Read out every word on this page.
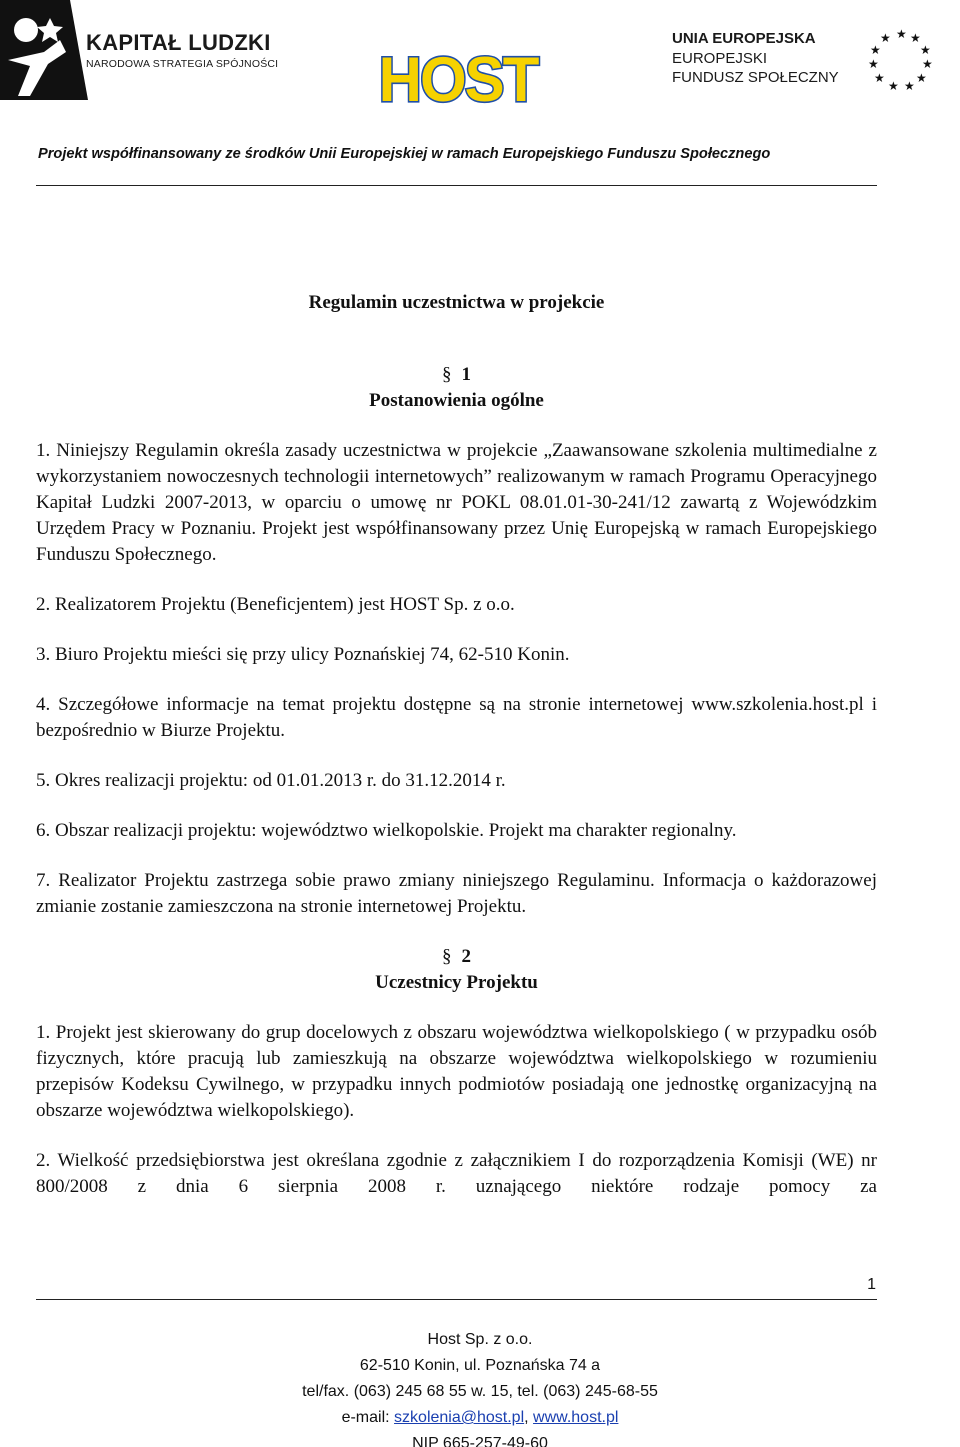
KAPITAŁ LUDZKI
NARODOWA STRATEGIA SPÓJNOŚCI HOST
UNIA EUROPEJSKA
EUROPEJSKI
FUNDUSZ SPOŁECZNY
★ ★
★
★
★
★
★
★
★
★
★
Projekt współfinansowany ze środków Unii Europejskiej w ramach Europejskiego Funduszu Społecznego
Regulamin uczestnictwa w projekcie
§ 1
Postanowienia ogólne

1. Niniejszy Regulamin określa zasady uczestnictwa w projekcie „Zaawansowane szkolenia multimedialne z wykorzystaniem nowoczesnych technologii internetowych” realizowanym w ramach Programu Operacyjnego Kapitał Ludzki 2007-2013, w oparciu o umowę nr POKL 08.01.01-30-241/12 zawartą z Wojewódzkim Urzędem Pracy w Poznaniu. Projekt jest współfinansowany przez Unię Europejską w ramach Europejskiego Funduszu Społecznego.

2. Realizatorem Projektu (Beneficjentem) jest HOST Sp. z o.o.

3. Biuro Projektu mieści się przy ulicy Poznańskiej 74, 62-510 Konin.

4. Szczegółowe informacje na temat projektu dostępne są na stronie internetowej www.szkolenia.host.pl i bezpośrednio w Biurze Projektu.

5. Okres realizacji projektu: od 01.01.2013 r. do 31.12.2014 r.

6. Obszar realizacji projektu: województwo wielkopolskie. Projekt ma charakter regionalny.

7. Realizator Projektu zastrzega sobie prawo zmiany niniejszego Regulaminu. Informacja o każdorazowej zmianie zostanie zamieszczona na stronie internetowej Projektu.

§ 2
Uczestnicy Projektu

1. Projekt jest skierowany do grup docelowych z obszaru województwa wielkopolskiego ( w przypadku osób fizycznych, które pracują lub zamieszkują na obszarze województwa wielkopolskiego w rozumieniu przepisów Kodeksu Cywilnego, w przypadku innych podmiotów posiadają one jednostkę organizacyjną na obszarze województwa wielkopolskiego).

2. Wielkość przedsiębiorstwa jest określana zgodnie z załącznikiem I do rozporządzenia Komisji (WE) nr 800/2008 z dnia 6 sierpnia 2008 r. uznającego niektóre rodzaje pomocy za

1
Host Sp. z o.o.
62-510 Konin, ul. Poznańska 74 a
tel/fax. (063) 245 68 55 w. 15, tel. (063) 245-68-55
e-mail: szkolenia@host.pl, www.host.pl
NIP 665-257-49-60
